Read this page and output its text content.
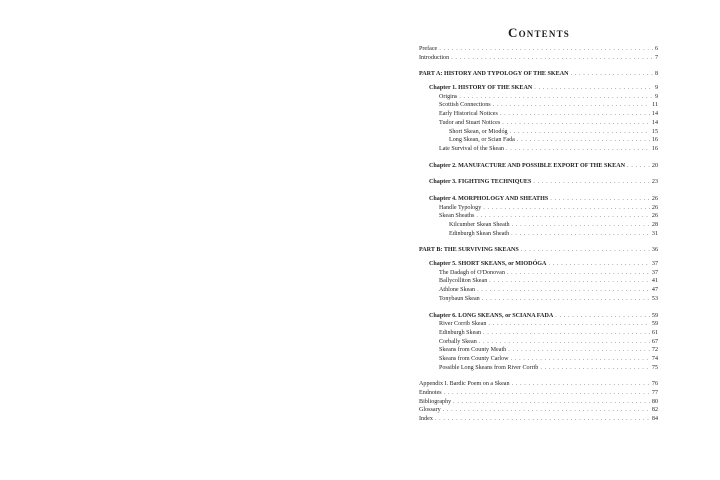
Contents
Preface . . .	6
Introduction . . .	7
PART A: HISTORY AND TYPOLOGY OF THE SKEAN . . .	8
Chapter 1. HISTORY OF THE SKEAN . . .	9
Origins . . .	9
Scottish Connections . . .	11
Early Historical Notices . . .	14
Tudor and Stuart Notices . . .	14
Short Skean, or Miodóg . . .	15
Long Skean, or Scian Fada . . .	16
Late Survival of the Skean . . .	16
Chapter 2. MANUFACTURE AND POSSIBLE EXPORT OF THE SKEAN . . .	20
Chapter 3. FIGHTING TECHNIQUES . . .	23
Chapter 4. MORPHOLOGY AND SHEATHS . . .	26
Handle Typology . . .	26
Skean Sheaths . . .	26
Kilcumber Skean Sheath . . .	28
Edinburgh Skean Sheath . . .	31
PART B: THE SURVIVING SKEANS . . .	36
Chapter 5. SHORT SKEANS, or MIODÓGA . . .	37
The Dadagh of O'Donovan . . .	37
Ballycolliton Skean . . .	41
Athlone Skean . . .	47
Tonybaun Skean . . .	53
Chapter 6. LONG SKEANS, or SCIANA FADA . . .	59
River Corrib Skean . . .	59
Edinburgh Skean . . .	61
Corbally Skean . . .	67
Skeans from County Meath . . .	72
Skeans from County Carlow . . .	74
Possible Long Skeans from River Corrib . . .	75
Appendix I. Bardic Poem on a Skean . . .	76
Endnotes . . .	77
Bibliography . . .	80
Glossary . . .	82
Index . . .	84
